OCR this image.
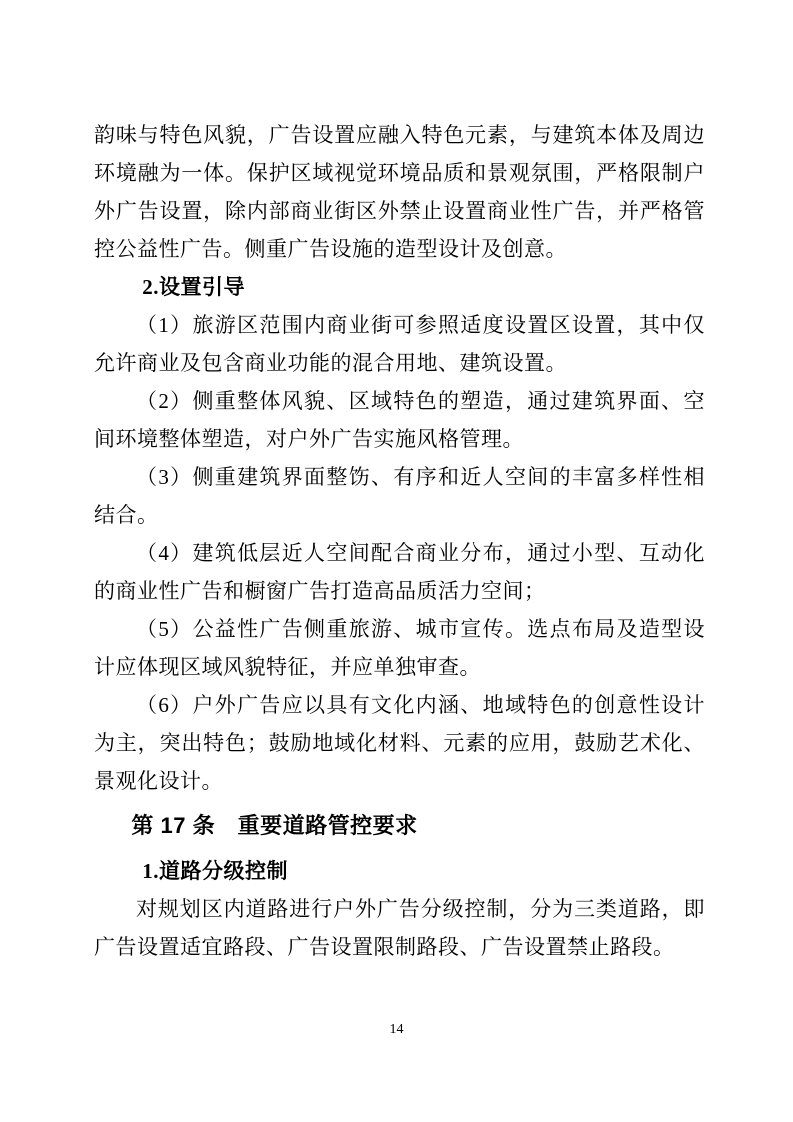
韵味与特色风貌，广告设置应融入特色元素，与建筑本体及周边环境融为一体。保护区域视觉环境品质和景观氛围，严格限制户外广告设置，除内部商业街区外禁止设置商业性广告，并严格管控公益性广告。侧重广告设施的造型设计及创意。

2.设置引导

（1）旅游区范围内商业街可参照适度设置区设置，其中仅允许商业及包含商业功能的混合用地、建筑设置。

（2）侧重整体风貌、区域特色的塑造，通过建筑界面、空间环境整体塑造，对户外广告实施风格管理。

（3）侧重建筑界面整饬、有序和近人空间的丰富多样性相结合。

（4）建筑低层近人空间配合商业分布，通过小型、互动化的商业性广告和橱窗广告打造高品质活力空间；

（5）公益性广告侧重旅游、城市宣传。选点布局及造型设计应体现区域风貌特征，并应单独审查。

（6）户外广告应以具有文化内涵、地域特色的创意性设计为主，突出特色；鼓励地域化材料、元素的应用，鼓励艺术化、景观化设计。

第 17 条　重要道路管控要求

1.道路分级控制

对规划区内道路进行户外广告分级控制，分为三类道路，即广告设置适宜路段、广告设置限制路段、广告设置禁止路段。

14
